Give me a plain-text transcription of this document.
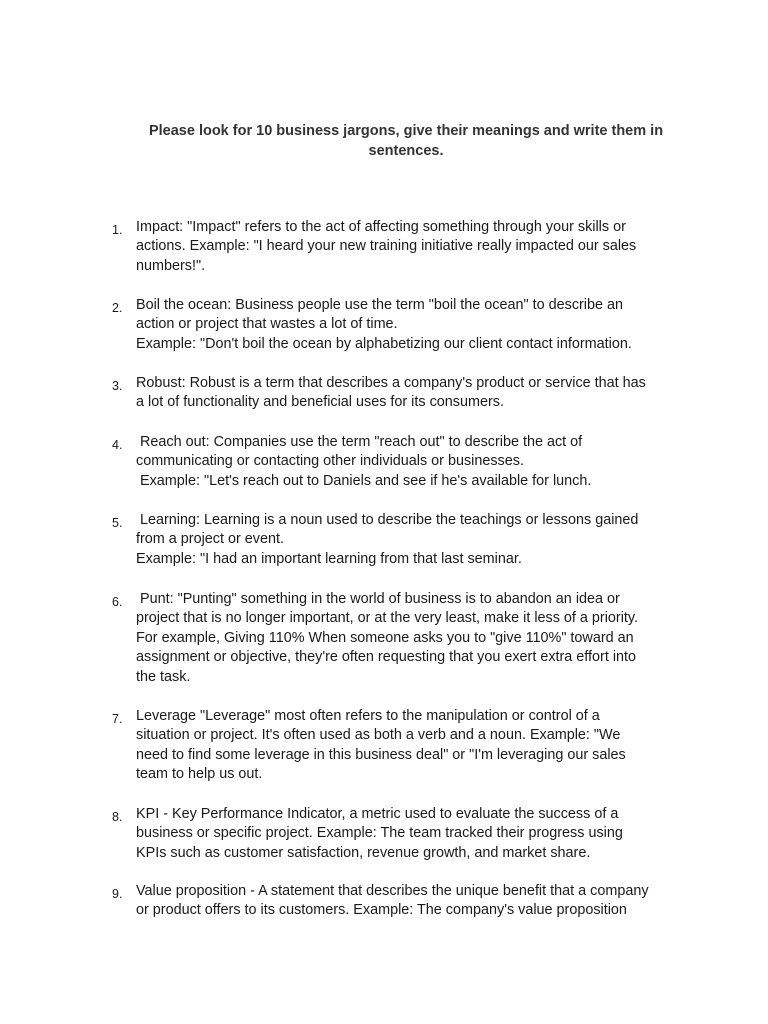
Please look for 10 business jargons, give their meanings and write them in
sentences.
1. Impact: "Impact" refers to the act of affecting something through your skills or
actions. Example: "I heard your new training initiative really impacted our sales
numbers!".
2. Boil the ocean: Business people use the term "boil the ocean" to describe an
action or project that wastes a lot of time.
Example: "Don't boil the ocean by alphabetizing our client contact information.
3. Robust: Robust is a term that describes a company's product or service that has
a lot of functionality and beneficial uses for its consumers.
4. Reach out: Companies use the term "reach out" to describe the act of
communicating or contacting other individuals or businesses.
Example: "Let's reach out to Daniels and see if he's available for lunch.
5. Learning: Learning is a noun used to describe the teachings or lessons gained
from a project or event.
Example: "I had an important learning from that last seminar.
6. Punt: "Punting" something in the world of business is to abandon an idea or
project that is no longer important, or at the very least, make it less of a priority.
For example, Giving 110% When someone asks you to "give 110%" toward an
assignment or objective, they're often requesting that you exert extra effort into
the task.
7. Leverage "Leverage" most often refers to the manipulation or control of a
situation or project. It's often used as both a verb and a noun. Example: "We
need to find some leverage in this business deal" or "I'm leveraging our sales
team to help us out.
8. KPI - Key Performance Indicator, a metric used to evaluate the success of a
business or specific project. Example: The team tracked their progress using
KPIs such as customer satisfaction, revenue growth, and market share.
9. Value proposition - A statement that describes the unique benefit that a company
or product offers to its customers. Example: The company's value proposition
